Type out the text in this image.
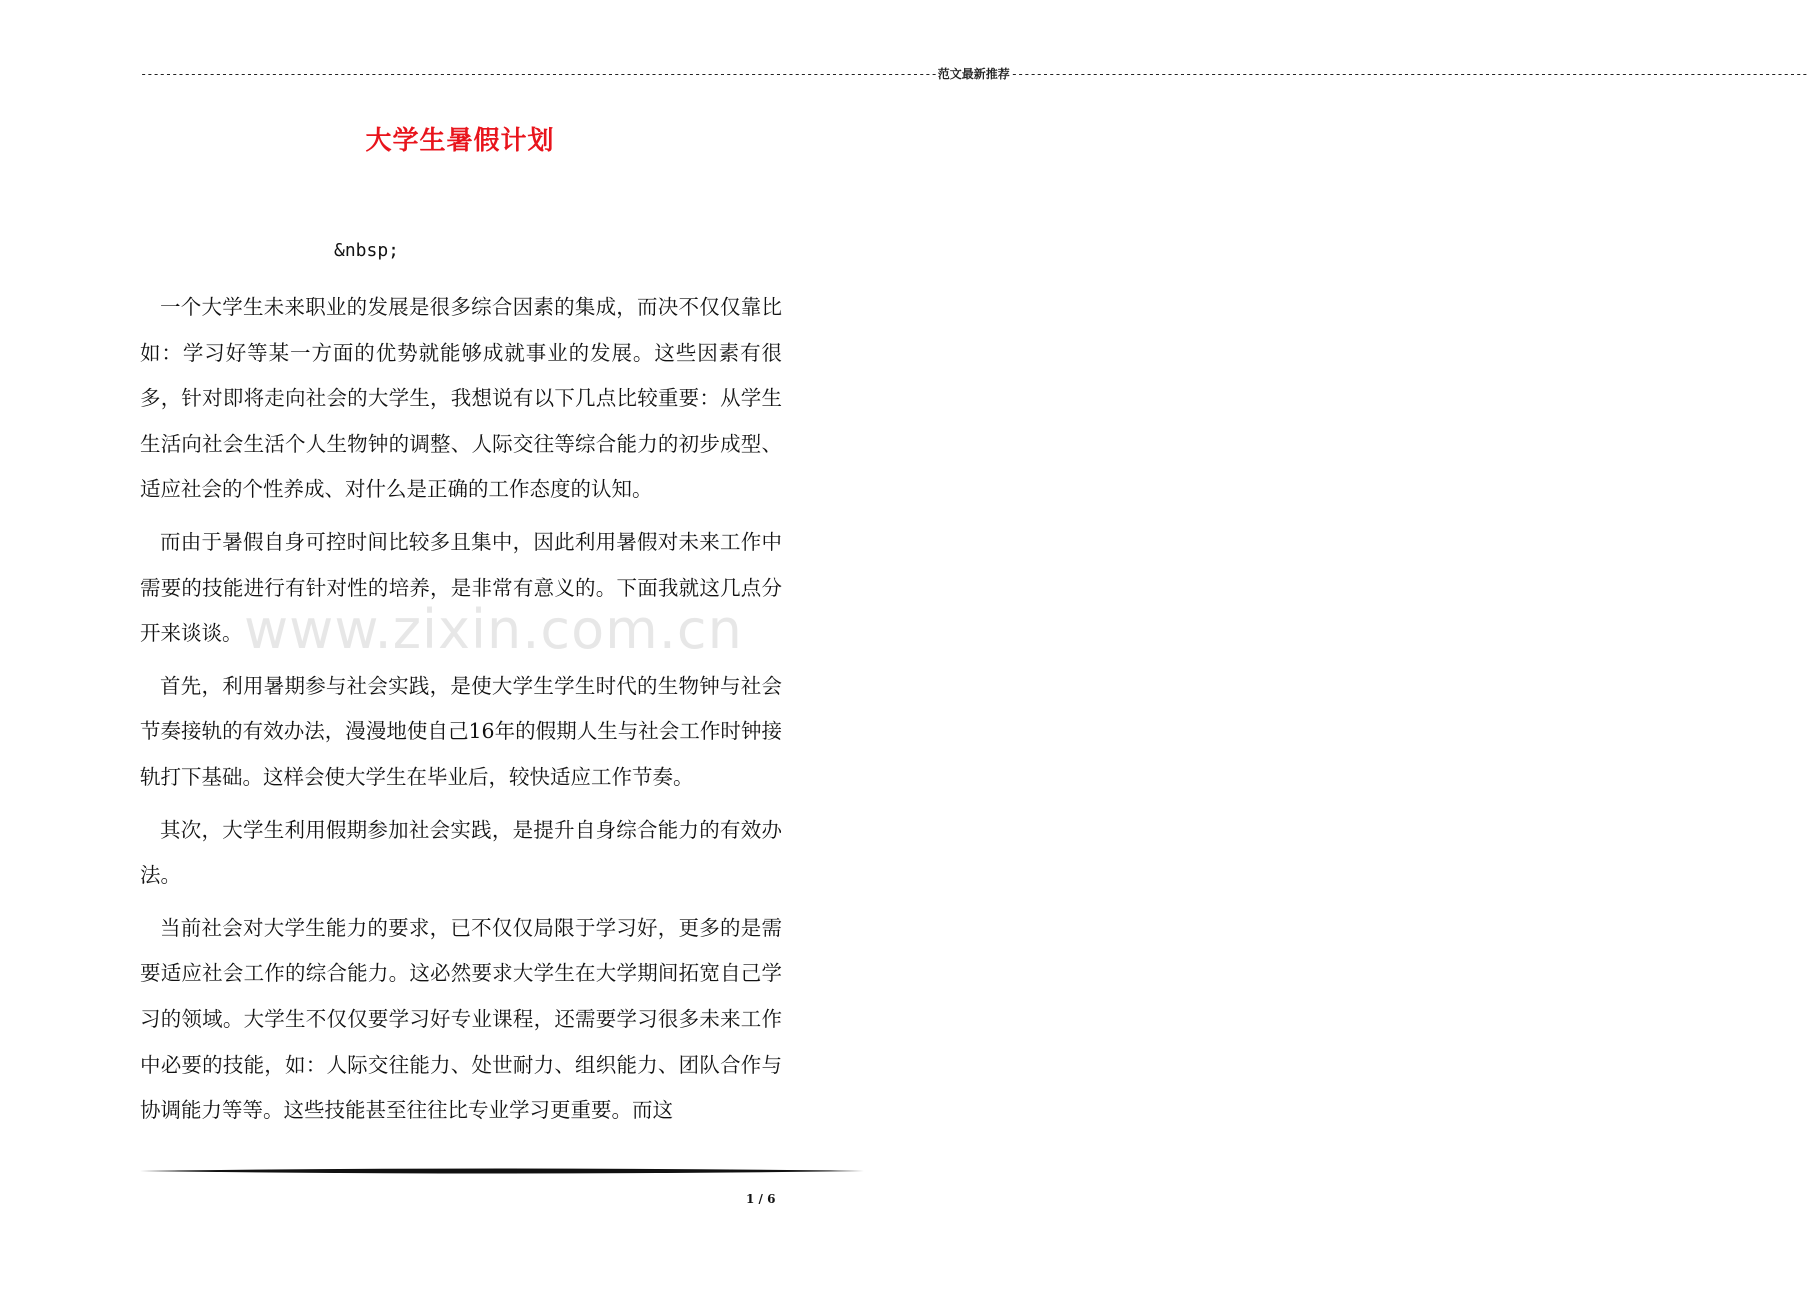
-------------------------------------------------------------------------------------------------------------------------------- 范文最新推荐 --------------------------------------------------------------------------------------------------------------------------------
大学生暑假计划
&nbsp;

一个大学生未来职业的发展是很多综合因素的集成，而决不仅仅靠比如：学习好等某一方面的优势就能够成就事业的发展。这些因素有很多，针对即将走向社会的大学生，我想说有以下几点比较重要：从学生生活向社会生活个人生物钟的调整、人际交往等综合能力的初步成型、适应社会的个性养成、对什么是正确的工作态度的认知。

而由于暑假自身可控时间比较多且集中，因此利用暑假对未来工作中需要的技能进行有针对性的培养，是非常有意义的。下面我就这几点分开来谈谈。

首先，利用暑期参与社会实践，是使大学生学生时代的生物钟与社会节奏接轨的有效办法，漫漫地使自己16年的假期人生与社会工作时钟接轨打下基础。这样会使大学生在毕业后，较快适应工作节奏。

其次，大学生利用假期参加社会实践，是提升自身综合能力的有效办法。

当前社会对大学生能力的要求，已不仅仅局限于学习好，更多的是需要适应社会工作的综合能力。这必然要求大学生在大学期间拓宽自己学习的领域。大学生不仅仅要学习好专业课程，还需要学习很多未来工作中必要的技能，如：人际交往能力、处世耐力、组织能力、团队合作与协调能力等等。这些技能甚至往往比专业学习更重要。而这

www.zixin.com.cn
1 / 6
